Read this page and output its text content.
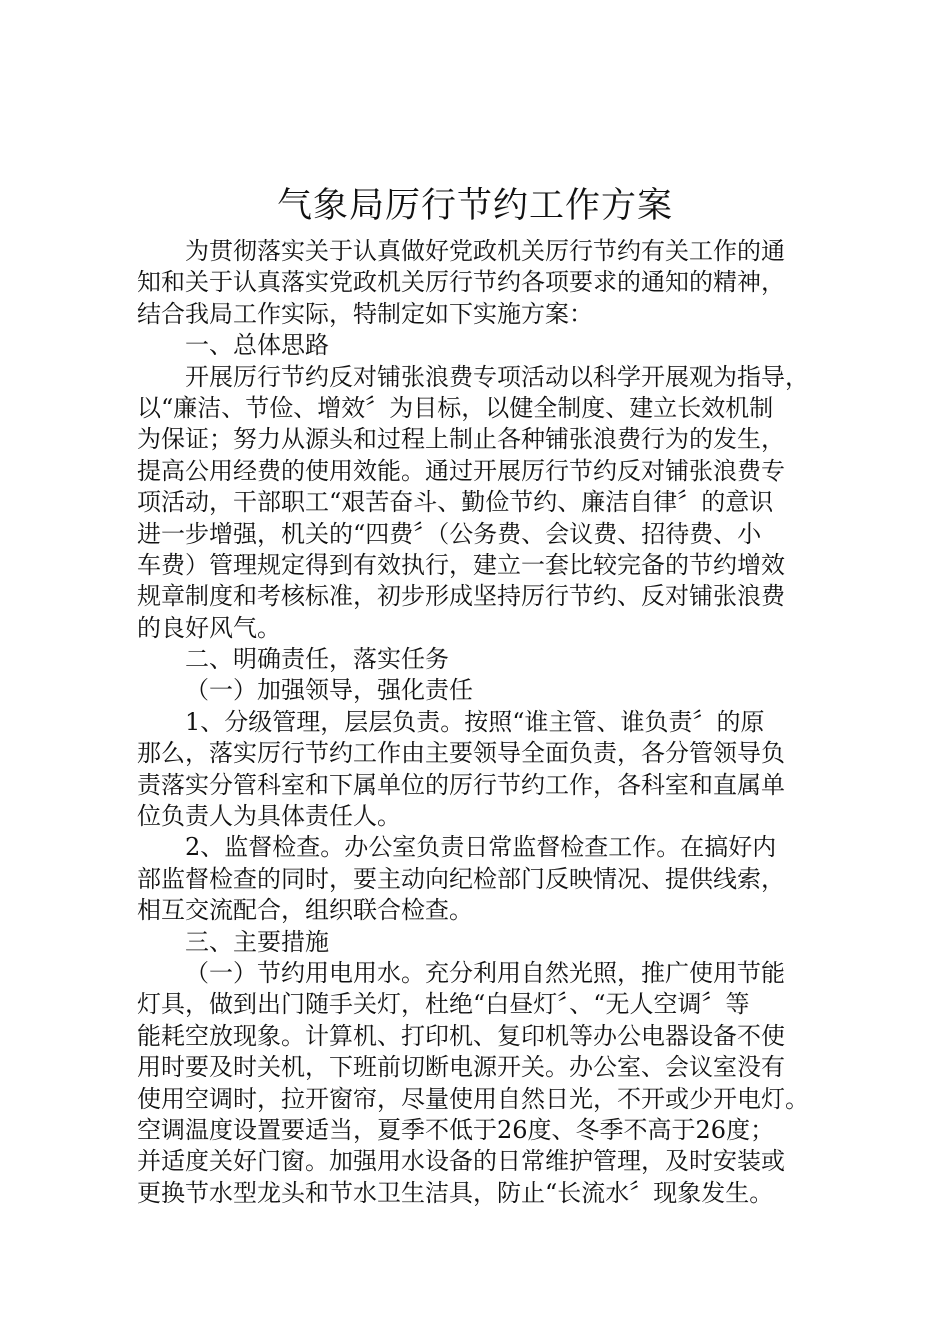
气象局厉行节约工作方案
为贯彻落实关于认真做好党政机关厉行节约有关工作的通
知和关于认真落实党政机关厉行节约各项要求的通知的精神，
结合我局工作实际，特制定如下实施方案：
一、总体思路
开展厉行节约反对铺张浪费专项活动以科学开展观为指导，
以“廉洁、节俭、增效〞为目标，以健全制度、建立长效机制
为保证；努力从源头和过程上制止各种铺张浪费行为的发生，
提高公用经费的使用效能。通过开展厉行节约反对铺张浪费专
项活动，干部职工“艰苦奋斗、勤俭节约、廉洁自律〞的意识
进一步增强，机关的“四费〞（公务费、会议费、招待费、小
车费）管理规定得到有效执行，建立一套比较完备的节约增效
规章制度和考核标准，初步形成坚持厉行节约、反对铺张浪费
的良好风气。
二、明确责任，落实任务
（一）加强领导，强化责任
1、分级管理，层层负责。按照“谁主管、谁负责〞的原
那么，落实厉行节约工作由主要领导全面负责，各分管领导负
责落实分管科室和下属单位的厉行节约工作，各科室和直属单
位负责人为具体责任人。
2、监督检查。办公室负责日常监督检查工作。在搞好内
部监督检查的同时，要主动向纪检部门反映情况、提供线索，
相互交流配合，组织联合检查。
三、主要措施
（一）节约用电用水。充分利用自然光照，推广使用节能
灯具，做到出门随手关灯，杜绝“白昼灯〞、“无人空调〞等
能耗空放现象。计算机、打印机、复印机等办公电器设备不使
用时要及时关机，下班前切断电源开关。办公室、会议室没有
使用空调时，拉开窗帘，尽量使用自然日光，不开或少开电灯。
空调温度设置要适当，夏季不低于26度、冬季不高于26度；
并适度关好门窗。加强用水设备的日常维护管理，及时安装或
更换节水型龙头和节水卫生洁具，防止“长流水〞现象发生。
